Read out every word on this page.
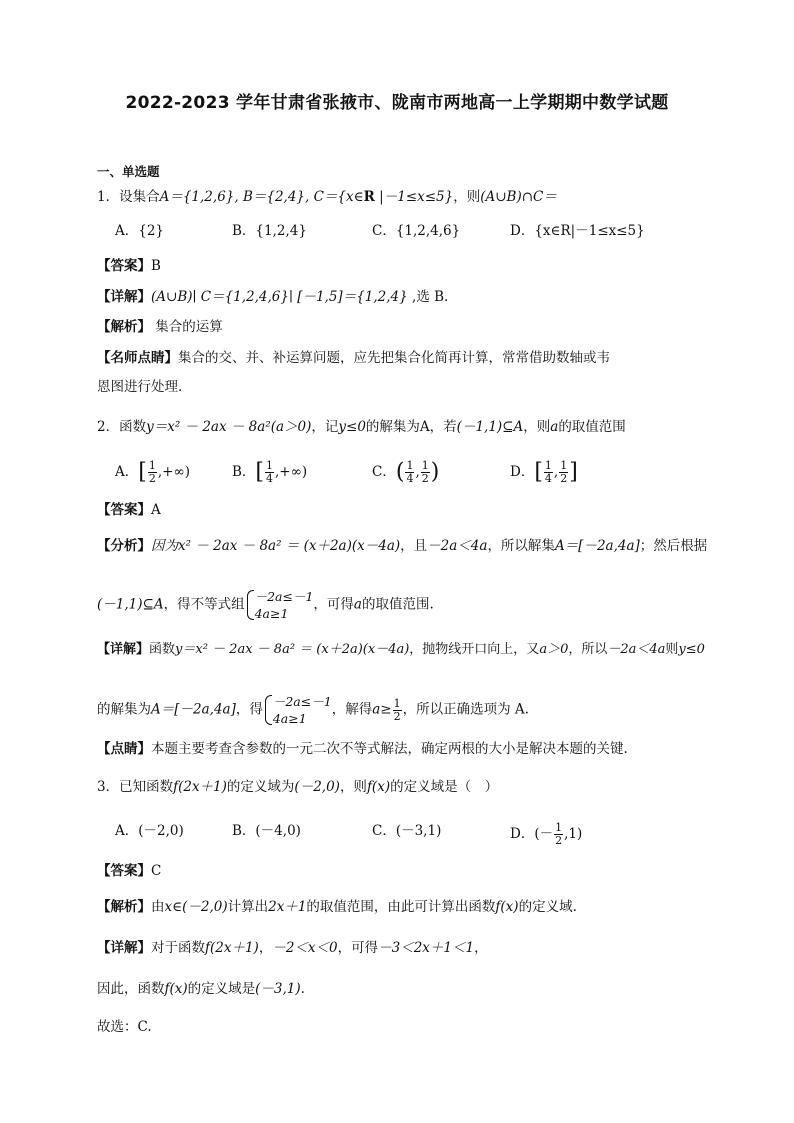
2022-2023 学年甘肃省张掖市、陇南市两地高一上学期期中数学试题
一、单选题
1．设集合A＝{1,2,6}, B＝{2,4}, C＝{x∈R |－1≤x≤5}，则(A∪B)∩C＝
A．{2}	B．{1,2,4}	C．{1,2,4,6}	D．{x∈R|－1≤x≤5}
【答案】B
【详解】(A∪B)∣ C＝{1,2,4,6}∣ [－1,5]＝{1,2,4} ,选 B.
【解析】 集合的运算
【名师点睛】集合的交、并、补运算问题，应先把集合化简再计算，常常借助数轴或韦
恩图进行处理.
2．函数y＝x² － 2ax － 8a²(a＞0)，记y≤0的解集为A，若(－1,1)⊆A，则a的取值范围
A．[ $\frac{1}{2}$ ,+∞)	B．[ $\frac{1}{4}$ ,+∞)	C．( $\frac{1}{4}$ , $\frac{1}{2}$ )	D．[ $\frac{1}{4}$ , $\frac{1}{2}$ ]
【答案】A
【分析】因为x² － 2ax － 8a² ＝ (x＋2a)(x－4a)，且－2a＜4a，所以解集A＝[－2a,4a]；然后根据
(－1,1)⊆A，得不等式组 －2a≤－1
4a≥1
，可得a的取值范围.
【详解】函数y＝x² － 2ax － 8a² ＝ (x＋2a)(x－4a)，抛物线开口向上，又a＞0，所以－2a＜4a则y≤0
的解集为A＝[－2a,4a]，得 －2a≤－1
4a≥1
，解得$a\ge \frac{1}{2}$ ，所以正确选项为 A.
【点睛】本题主要考查含参数的一元二次不等式解法，确定两根的大小是解决本题的关键.
3．已知函数f(2x＋1)的定义域为(－2,0)，则f(x)的定义域是（　）
A．(－2,0)	B．(－4,0)	C．(－3,1)	D．(－ $\frac{1}{2} ,1$)
【答案】C
【解析】由x∈(－2,0)计算出2x＋1的取值范围，由此可计算出函数f(x)的定义域.
【详解】对于函数f(2x＋1)，－2＜x＜0，可得－3＜2x＋1＜1，
因此，函数f(x)的定义域是(－3,1).
故选：C.
